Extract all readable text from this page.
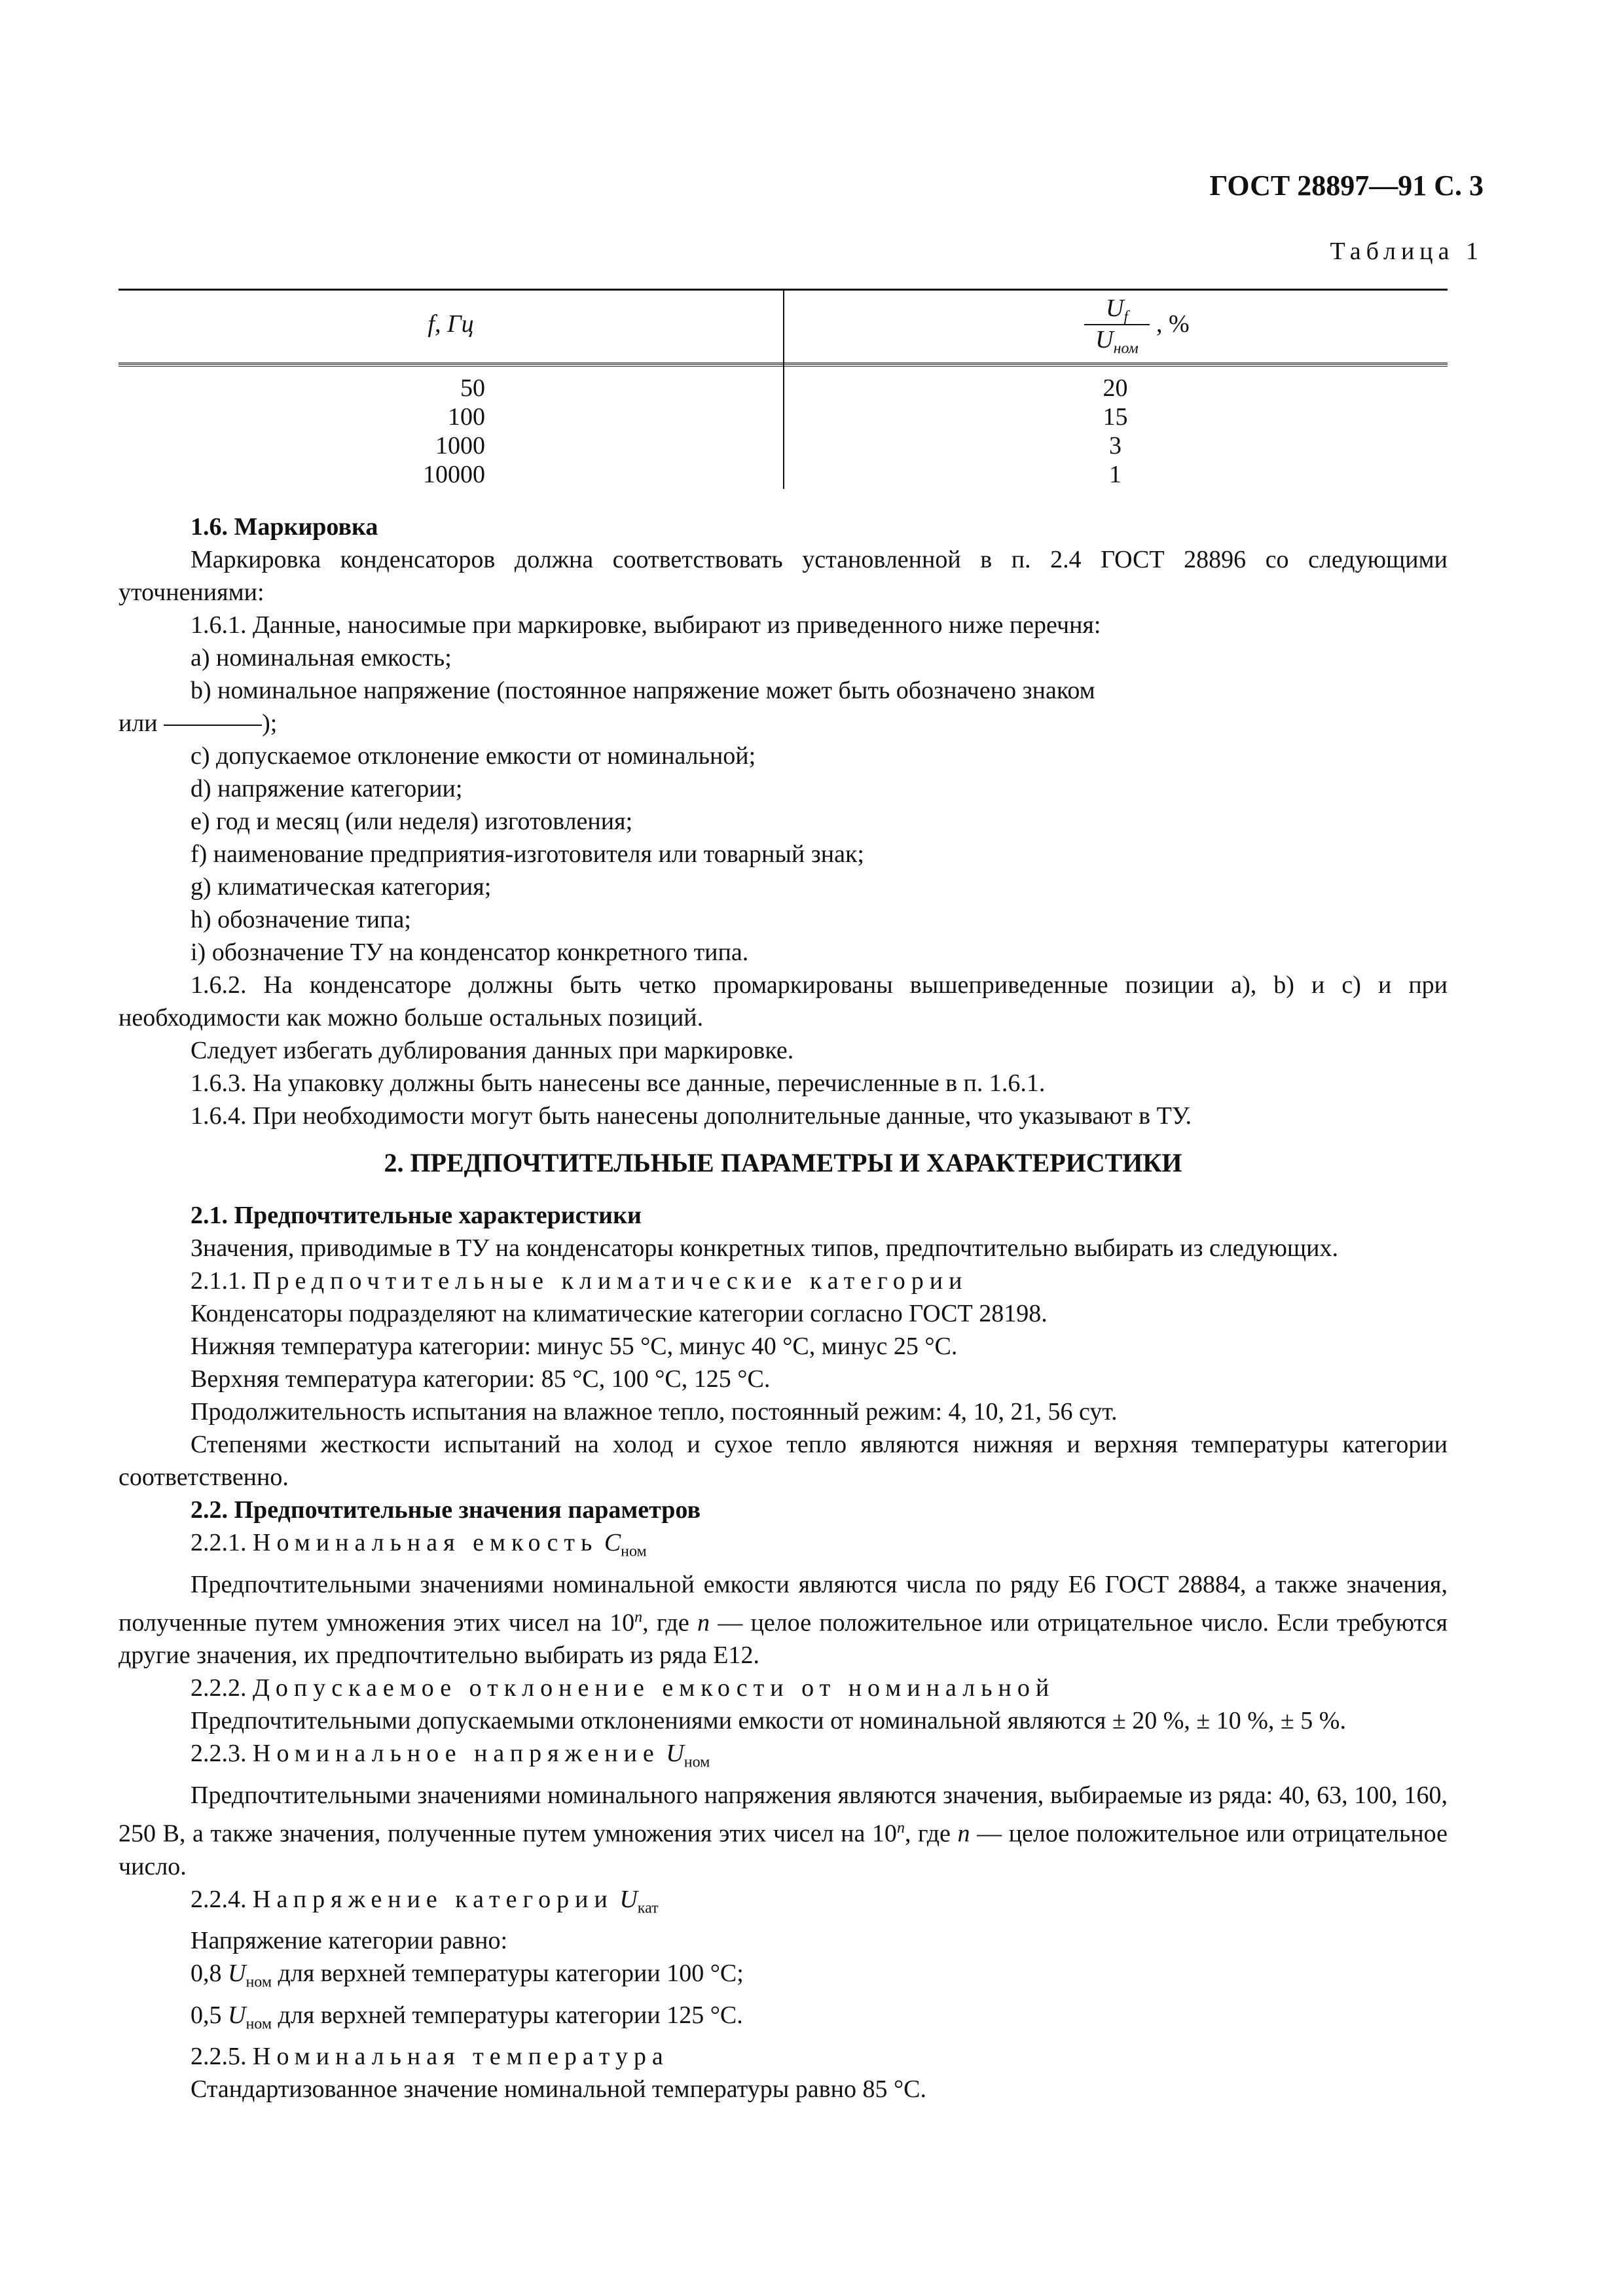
ГОСТ 28897—91 С. 3
Таблица 1
f, Гц
$U_f$
$U_{ном}$
, %
50
100
1000
10000
20
15
3
1

1.6. Маркировка

Маркировка конденсаторов должна соответствовать установленной в п. 2.4 ГОСТ 28896 со следующими уточнениями:

1.6.1. Данные, наносимые при маркировке, выбирают из приведенного ниже перечня:

a) номинальная емкость;

b) номинальное напряжение (постоянное напряжение может быть обозначено знаком

или	);

c) допускаемое отклонение емкости от номинальной;

d) напряжение категории;

e) год и месяц (или неделя) изготовления;

f) наименование предприятия-изготовителя или товарный знак;

g) климатическая категория;

h) обозначение типа;

i) обозначение ТУ на конденсатор конкретного типа.

1.6.2. На конденсаторе должны быть четко промаркированы вышеприведенные позиции a), b) и c) и при необходимости как можно больше остальных позиций.

Следует избегать дублирования данных при маркировке.

1.6.3. На упаковку должны быть нанесены все данные, перечисленные в п. 1.6.1.

1.6.4. При необходимости могут быть нанесены дополнительные данные, что указывают в ТУ.

2. ПРЕДПОЧТИТЕЛЬНЫЕ ПАРАМЕТРЫ И ХАРАКТЕРИСТИКИ

2.1. Предпочтительные характеристики

Значения, приводимые в ТУ на конденсаторы конкретных типов, предпочтительно выбирать из следующих.

2.1.1. Предпочтительные климатические категории

Конденсаторы подразделяют на климатические категории согласно ГОСТ 28198.

Нижняя температура категории: минус 55 °С, минус 40 °С, минус 25 °С.

Верхняя температура категории: 85 °С, 100 °С, 125 °С.

Продолжительность испытания на влажное тепло, постоянный режим: 4, 10, 21, 56 сут.

Степенями жесткости испытаний на холод и сухое тепло являются нижняя и верхняя температуры категории соответственно.

2.2. Предпочтительные значения параметров

2.2.1. Номинальная емкость $C_{ном}$

Предпочтительными значениями номинальной емкости являются числа по ряду Е6 ГОСТ 28884, а также значения, полученные путем умножения этих чисел на 10$^n$, где n — целое положительное или отрицательное число. Если требуются другие значения, их предпочтительно выбирать из ряда Е12.

2.2.2. Допускаемое отклонение емкости от номинальной

Предпочтительными допускаемыми отклонениями емкости от номинальной являются ± 20 %, ± 10 %, ± 5 %.

2.2.3. Номинальное напряжение $U_{ном}$

Предпочтительными значениями номинального напряжения являются значения, выбираемые из ряда: 40, 63, 100, 160, 250 В, а также значения, полученные путем умножения этих чисел на 10$^n$, где n — целое положительное или отрицательное число.

2.2.4. Напряжение категории $U_{кат}$

Напряжение категории равно:

0,8 $U_{ном}$ для верхней температуры категории 100 °С;

0,5 $U_{ном}$ для верхней температуры категории 125 °С.

2.2.5. Номинальная температура

Стандартизованное значение номинальной температуры равно 85 °С.
